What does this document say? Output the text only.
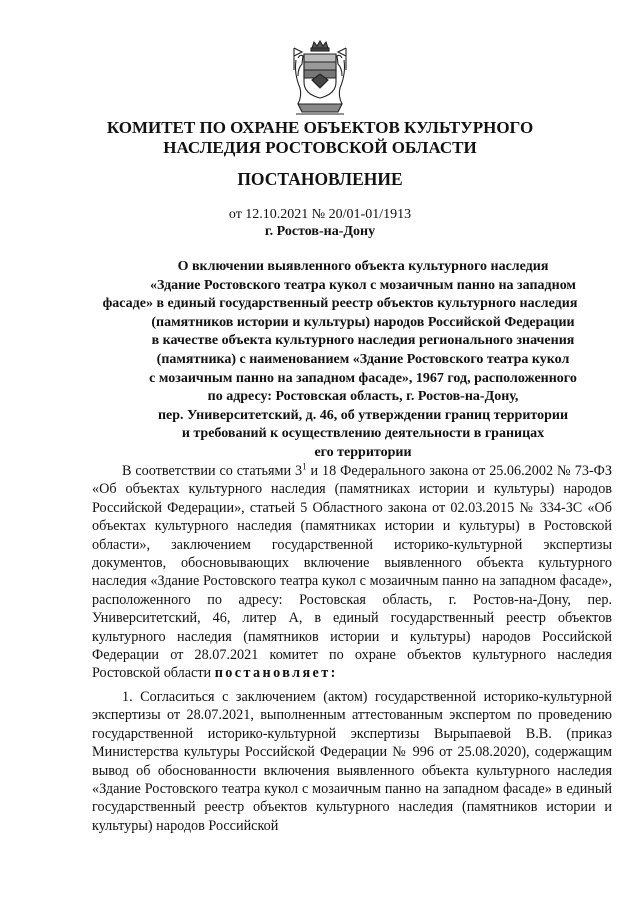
КОМИТЕТ ПО ОХРАНЕ ОБЪЕКТОВ КУЛЬТУРНОГО
НАСЛЕДИЯ РОСТОВСКОЙ ОБЛАСТИ
ПОСТАНОВЛЕНИЕ
от 12.10.2021 № 20/01-01/1913
г. Ростов-на-Дону
О включении выявленного объекта культурного наследия
«Здание Ростовского театра кукол с мозаичным панно на западном
фасаде» в единый государственный реестр объектов культурного наследия
(памятников истории и культуры) народов Российской Федерации
в качестве объекта культурного наследия регионального значения
(памятника) с наименованием «Здание Ростовского театра кукол
с мозаичным панно на западном фасаде», 1967 год, расположенного
по адресу: Ростовская область, г. Ростов-на-Дону,
пер. Университетский, д. 46, об утверждении границ территории
и требований к осуществлению деятельности в границах
его территории
В соответствии со статьями $3^1$ и 18 Федерального закона от 25.06.2002 № 73-ФЗ «Об объектах культурного наследия (памятниках истории и культуры) народов Российской Федерации», статьей 5 Областного закона от 02.03.2015 № 334-ЗС «Об объектах культурного наследия (памятниках истории и культуры) в Ростовской области», заключением государственной историко-культурной экспертизы документов, обосновывающих включение выявленного объекта культурного наследия «Здание Ростовского театра кукол с мозаичным панно на западном фасаде», расположенного по адресу: Ростовская область, г. Ростов-на-Дону, пер. Университетский, 46, литер А, в единый государственный реестр объектов культурного наследия (памятников истории и культуры) народов Российской Федерации от 28.07.2021 комитет по охране объектов культурного наследия Ростовской области постановляет:
1. Согласиться с заключением (актом) государственной историко-культурной экспертизы от 28.07.2021, выполненным аттестованным экспертом по проведению государственной историко-культурной экспертизы Вырыпаевой В.В. (приказ Министерства культуры Российской Федерации № 996 от 25.08.2020), содержащим вывод об обоснованности включения выявленного объекта культурного наследия «Здание Ростовского театра кукол с мозаичным панно на западном фасаде» в единый государственный реестр объектов культурного наследия (памятников истории и культуры) народов Российской
